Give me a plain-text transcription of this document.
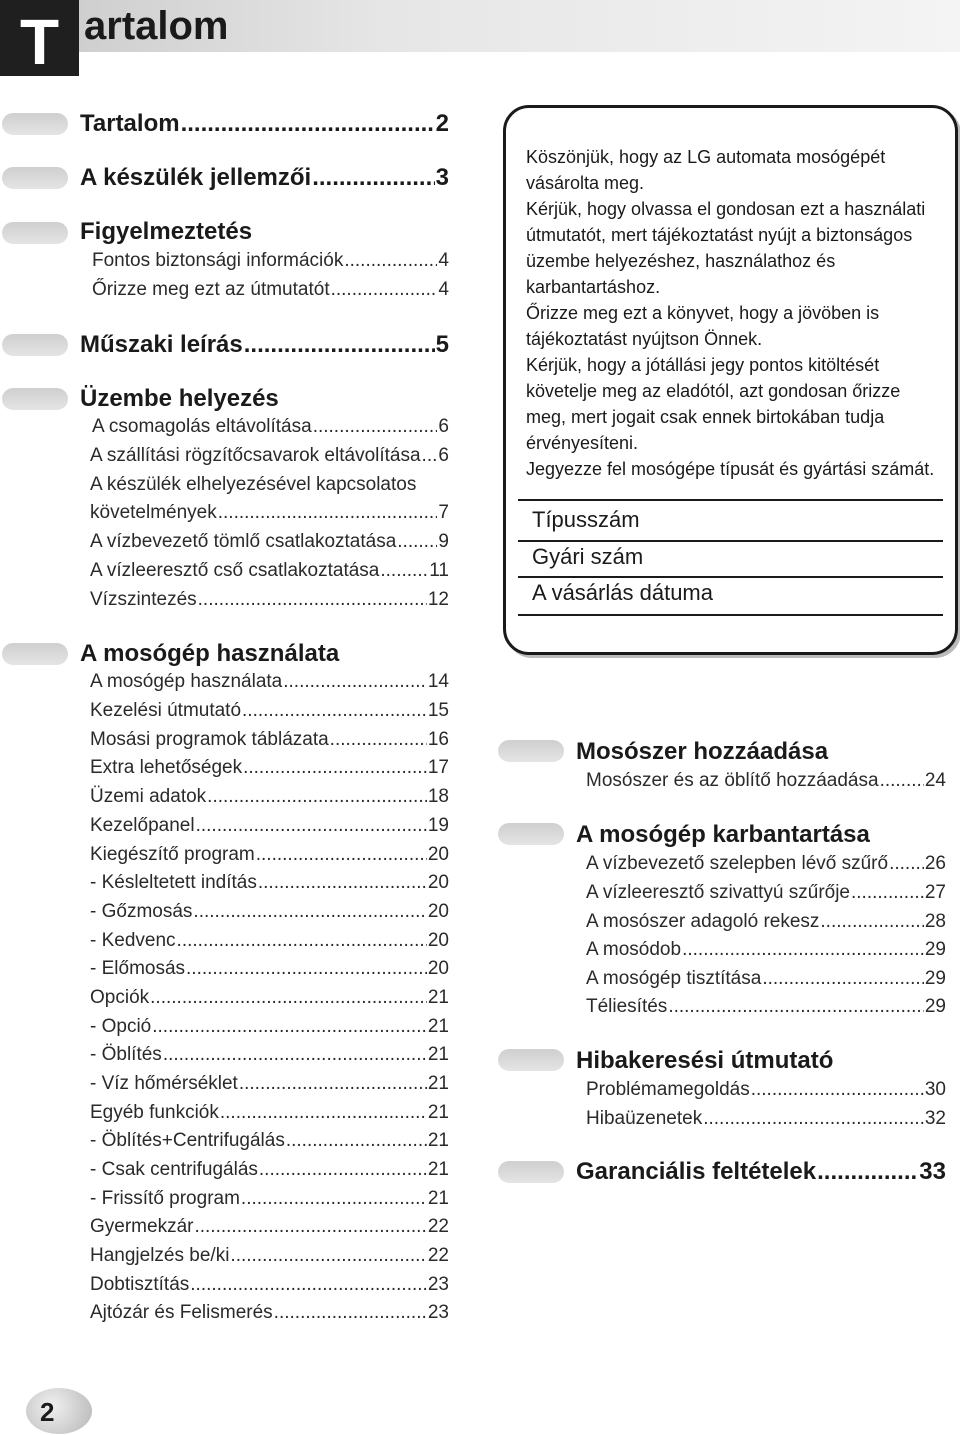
T artalom
Tartalom .....	2
A készülék jellemzői .....	3
Figyelmeztetés
Fontos biztonsági információk .....	4
Őrizze meg ezt az útmutatót .....	4
Műszaki leírás .....	5
Üzembe helyezés
A csomagolás eltávolítása .....	6
A szállítási rögzítőcsavarok eltávolítása ..... 6
A készülék elhelyezésével kapcsolatos
követelmények .....	7
A vízbevezető tömlő csatlakoztatása ..... 9
A vízleeresztő cső csatlakoztatása .....	11
Vízszintezés .....	12
A mosógép használata
A mosógép használata .....	14
Kezelési útmutató .....	15
Mosási programok táblázata .....	16
Extra lehetőségek .....	17
Üzemi adatok .....	18
Kezelőpanel .....	19
Kiegészítő program .....	20
- Késleltetett indítás .....	20
- Gőzmosás .....	20
- Kedvenc .....	20
- Előmosás .....	20
Opciók .....	21
- Opció .....	21
- Öblítés .....	21
- Víz hőmérséklet .....	21
Egyéb funkciók .....	21
- Öblítés+Centrifugálás .....	21
- Csak centrifugálás .....	21
- Frissítő program .....	21
Gyermekzár .....	22
Hangjelzés be/ki .....	22
Dobtisztítás .....	23
Ajtózár és Felismerés .....	23

Köszönjük, hogy az LG automata mosógépét

vásárolta meg.

Kérjük, hogy olvassa el gondosan ezt a használati

útmutatót, mert tájékoztatást nyújt a biztonságos

üzembe helyezéshez, használathoz és

karbantartáshoz.

Őrizze meg ezt a könyvet, hogy a jövöben is

tájékoztatást nyújtson Önnek.

Kérjük, hogy a jótállási jegy pontos kitöltését

követelje meg az eladótól, azt gondosan őrizze

meg, mert jogait csak ennek birtokában tudja

érvényesíteni.

Jegyezze fel mosógépe típusát és gyártási számát.

Típusszám
Gyári szám
A vásárlás dátuma
Mosószer hozzáadása
Mosószer és az öblítő hozzáadása ..... 24
A mosógép karbantartása
A vízbevezető szelepben lévő szűrő ..... 26
A vízleeresztő szivattyú szűrője .....	27
A mosószer adagoló rekesz .....	28
A mosódob .....	29
A mosógép tisztítása .....	29
Téliesítés .....	29
Hibakeresési útmutató
Problémamegoldás .....	30
Hibaüzenetek .....	32
Garanciális feltételek .....	33
2
